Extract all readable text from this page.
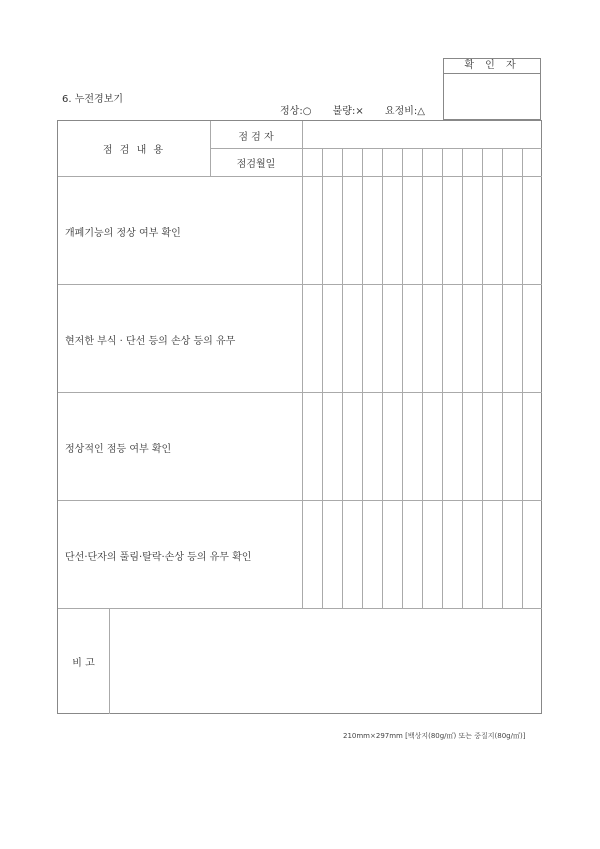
확 인 자
6. 누전경보기
정상:○ 불량:× 요정비:△
점 검 내 용
점 검 자
점검월일
개폐기능의 정상 여부 확인
현저한 부식 · 단선 등의 손상 등의 유무
정상적인 점등 여부 확인
단선·단자의 풀림·탈락·손상 등의 유무 확인
비 고
210mm×297mm [백상지(80g/㎡) 또는 중질지(80g/㎡)]
